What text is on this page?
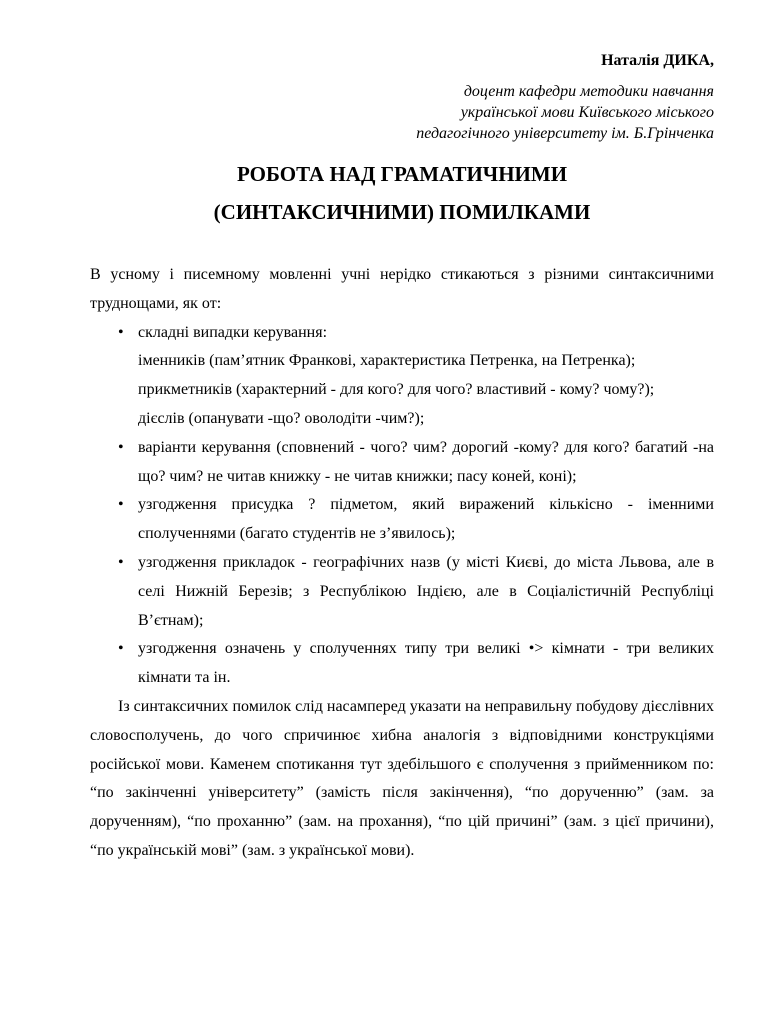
Наталія ДИКА,
доцент кафедри методики навчання
української мови Київського міського
педагогічного університету ім. Б.Грінченка
РОБОТА НАД ГРАМАТИЧНИМИ
(СИНТАКСИЧНИМИ) ПОМИЛКАМИ

В усному і писемному мовленні учні нерідко стикаються з різними синтаксичними труднощами, як от:

• складні випадки керування:
іменників (пам’ятник Франкові, характеристика Петренка, на Петренка);
прикметників (характерний - для кого? для чого? властивий - кому? чому?);
дієслів (опанувати -що? оволодіти -чим?);
• варіанти керування (сповнений - чого? чим? дорогий -кому? для кого? багатий -на що? чим? не читав книжку - не читав книжки; пасу коней, коні);
• узгодження присудка ? підметом, який виражений кількісно - іменними сполученнями (багато студентів не з’явилось);
• узгодження прикладок - географічних назв (у місті Києві, до міста Львова, але в селі Нижній Березів; з Республікою Індією, але в Соціалістичній Республіці В’єтнам);
• узгодження означень у сполученнях типу три великі •> кімнати - три великих кімнати та ін.

Із синтаксичних помилок слід насамперед указати на неправильну побудову дієслівних словосполучень, до чого спричинює хибна аналогія з відповідними конструкціями російської мови. Каменем спотикання тут здебільшого є сполучення з прийменником по: “по закінченні університету” (замість після закінчення), “по дорученню” (зам. за дорученням), “по проханню” (зам. на прохання), “по цій причині” (зам. з цієї причини), “по українській мові” (зам. з української мови).
